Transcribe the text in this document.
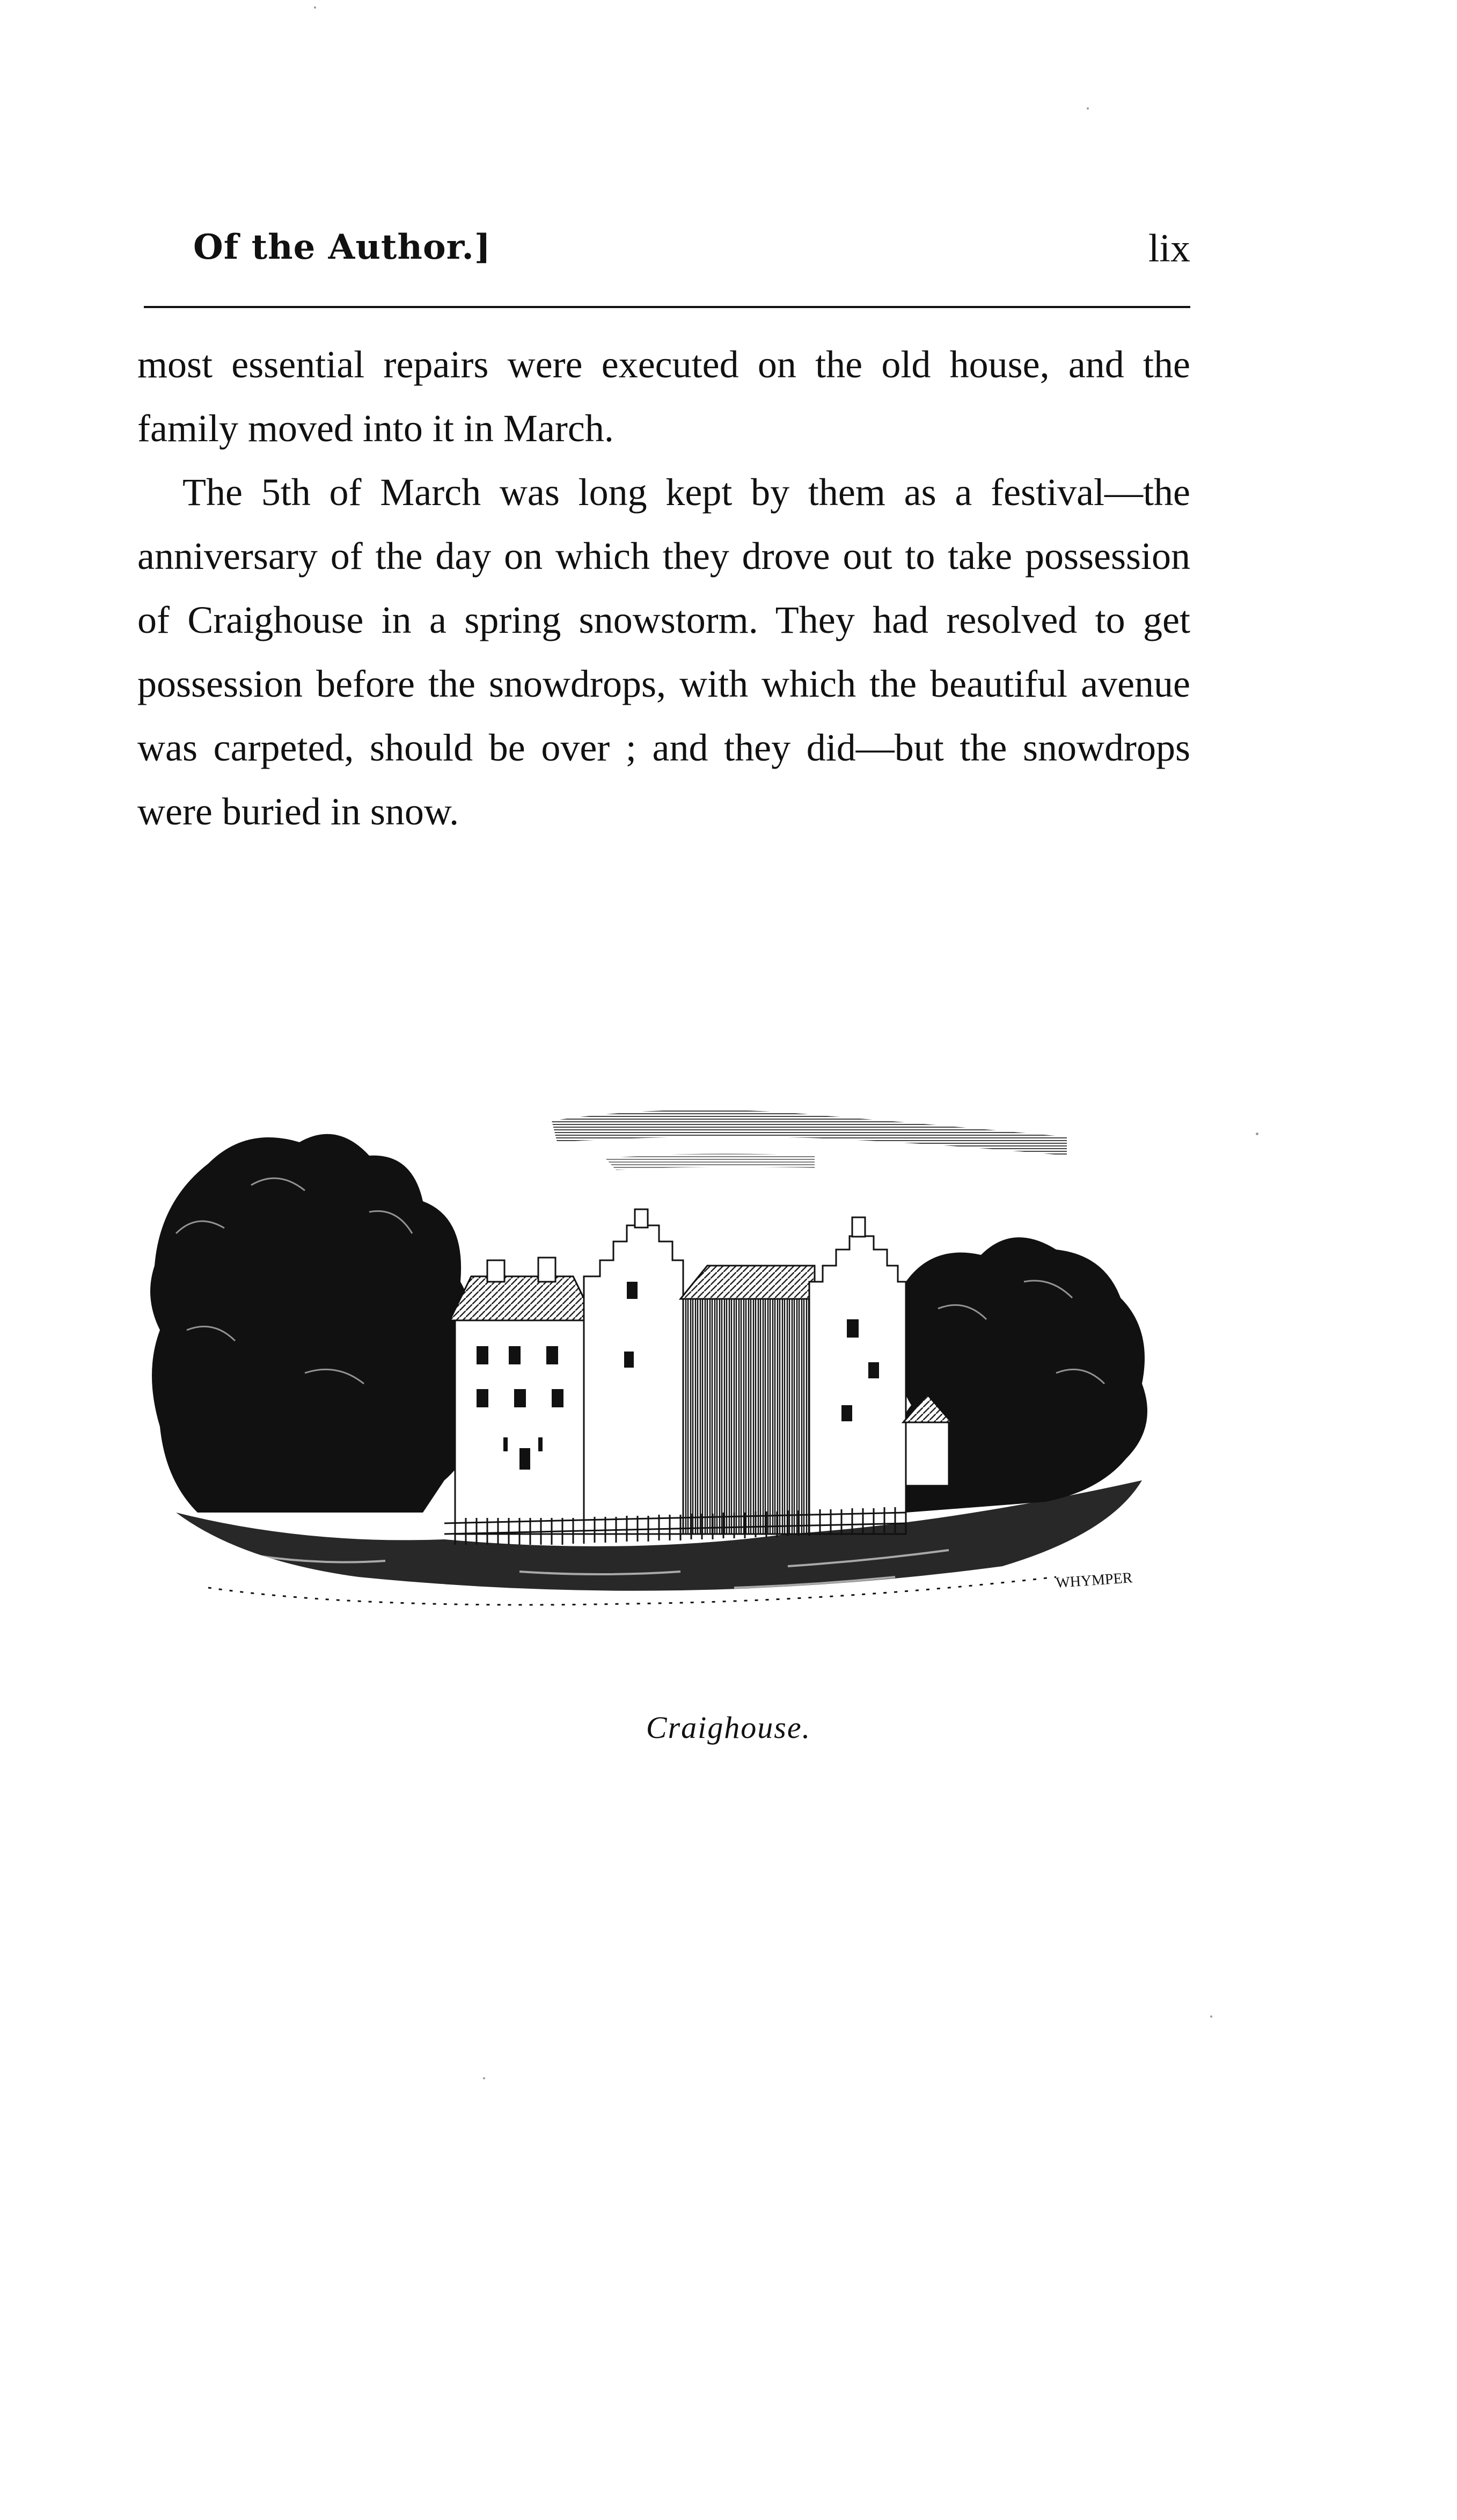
Of the Author.]	lix

most essential repairs were executed on the old house, and the family moved into it in March.

The 5th of March was long kept by them as a festival—the anniversary of the day on which they drove out to take possession of Craighouse in a spring snowstorm. They had resolved to get possession before the snowdrops, with which the beautiful avenue was carpeted, should be over ; and they did—but the snowdrops were buried in snow.

WHYMPER
Craighouse.
